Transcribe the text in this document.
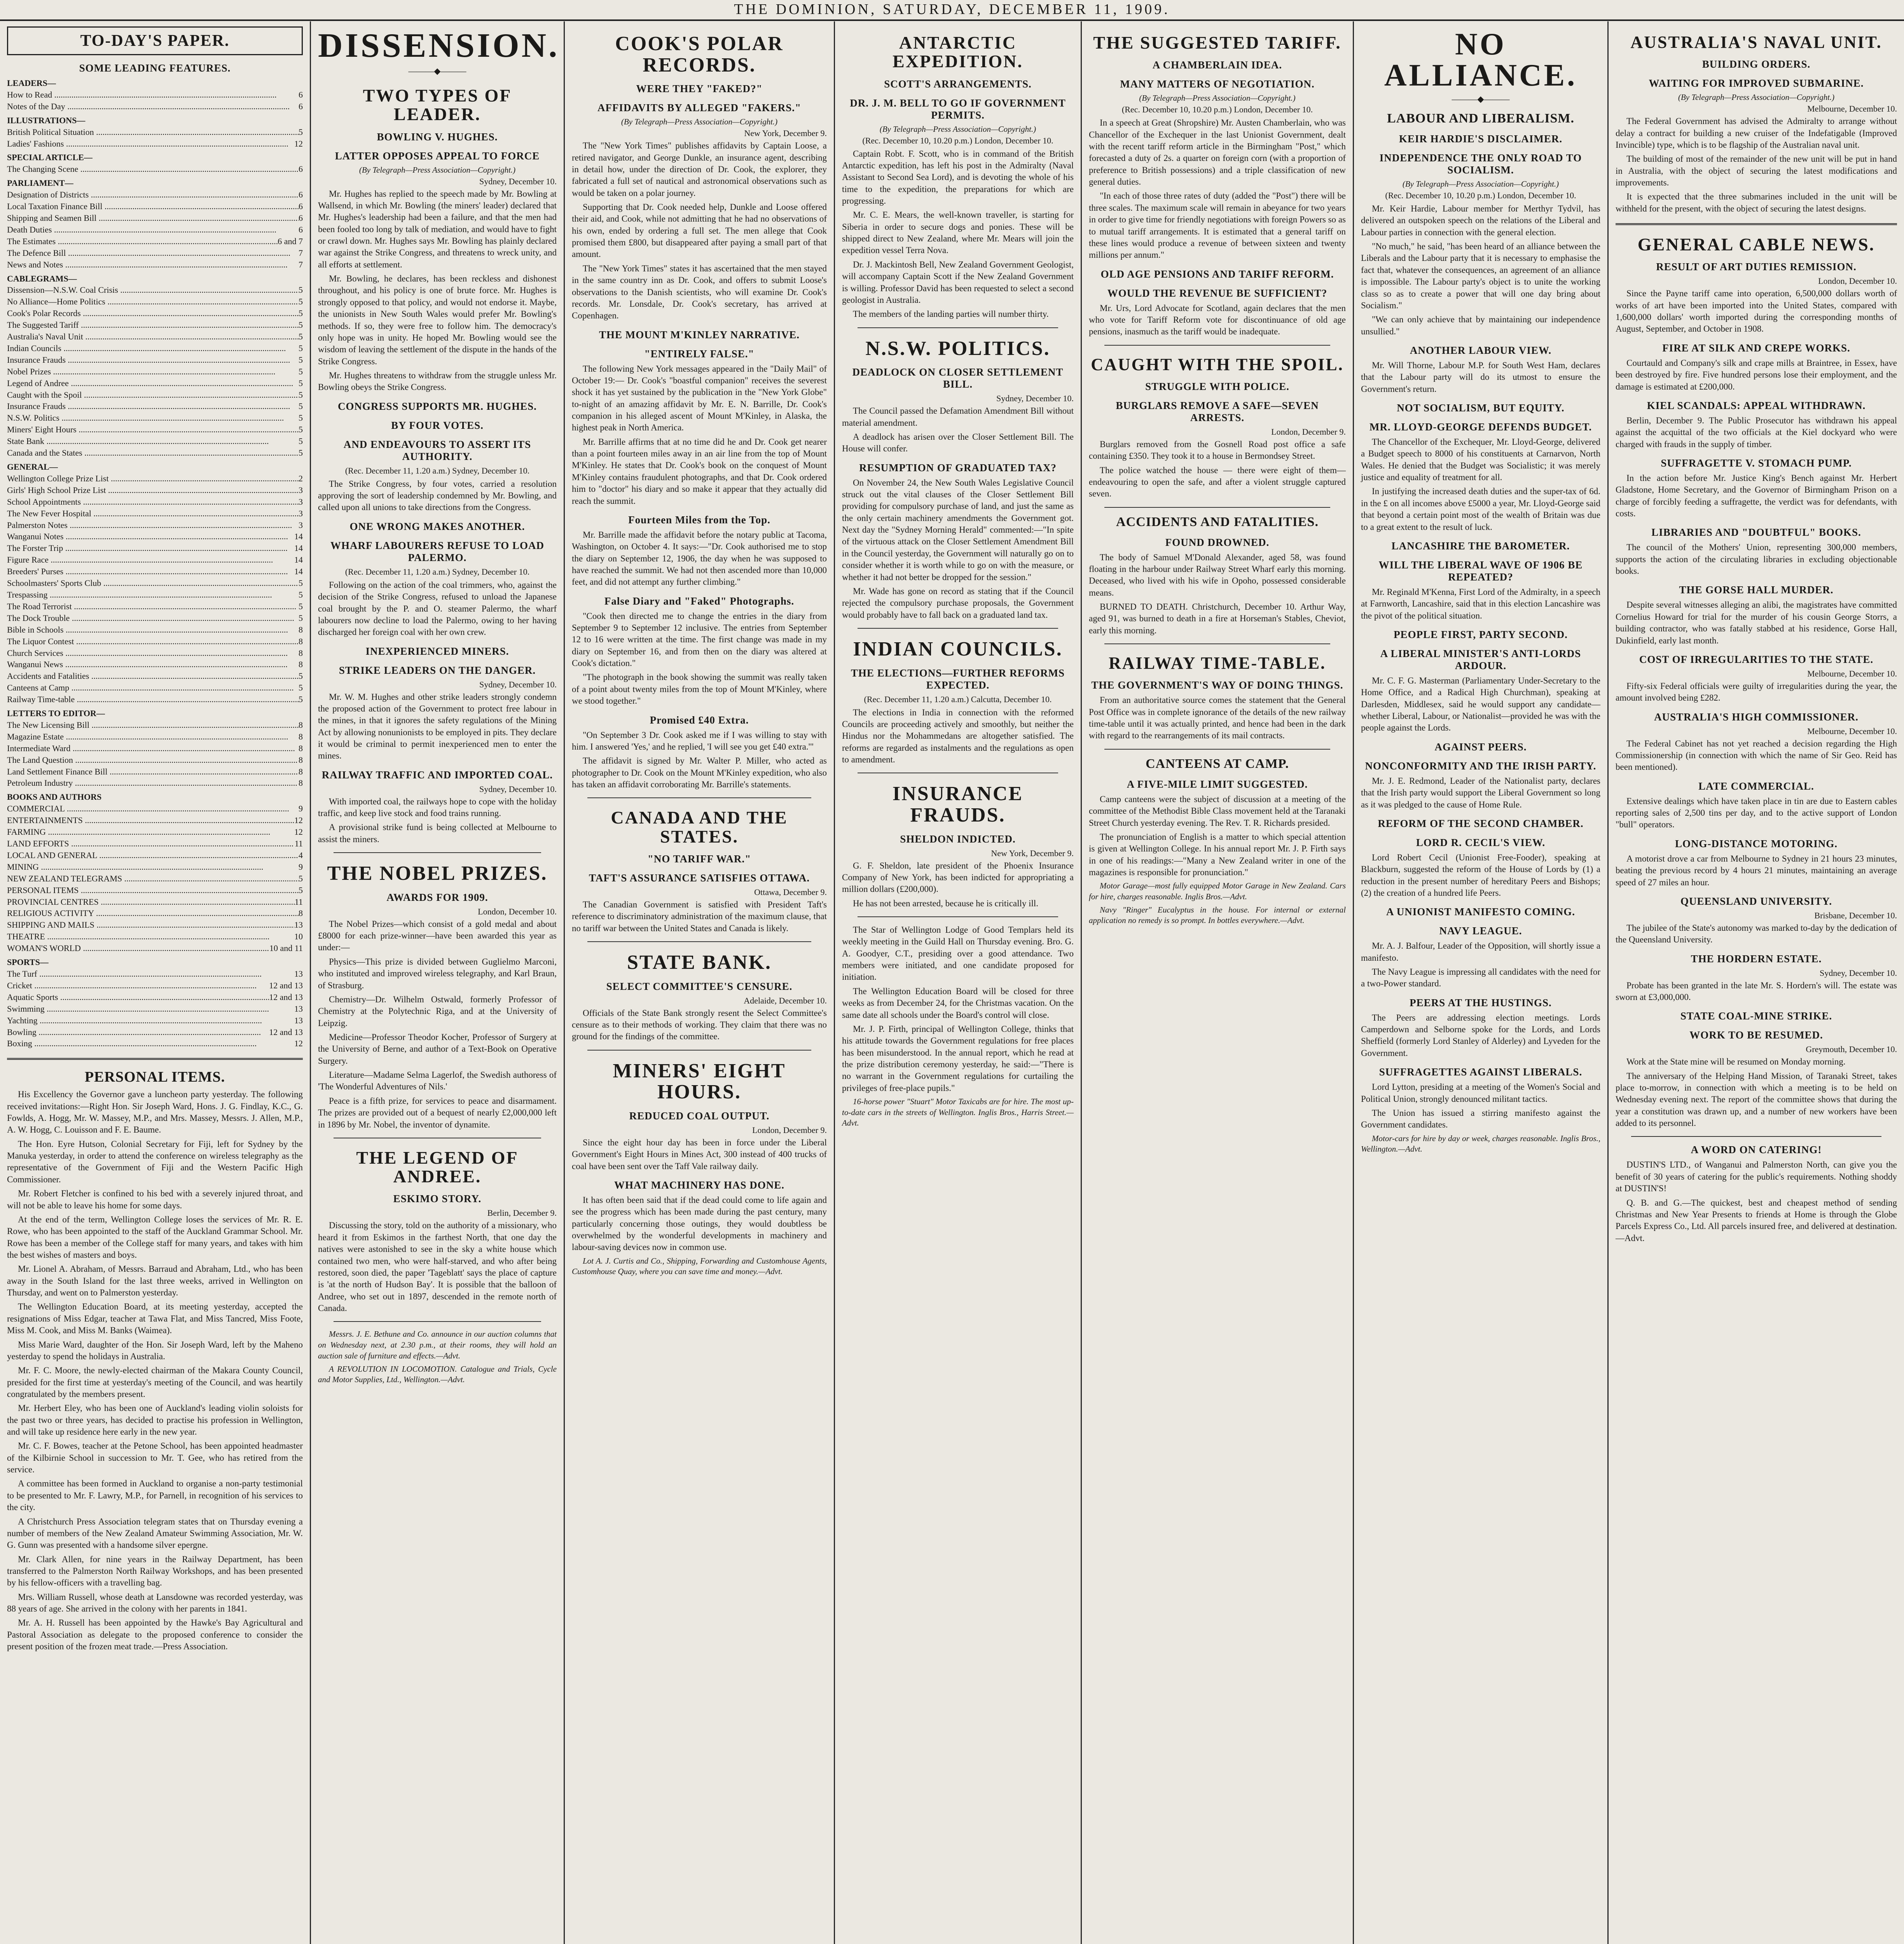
THE DOMINION, SATURDAY, DECEMBER 11, 1909.
TO-DAY'S PAPER.
SOME LEADING FEATURES.
LEADERS—
How to Read .....	6
Notes of the Day .....	6
ILLUSTRATIONS—
British Political Situation .....	5
Ladies' Fashions .....	12
SPECIAL ARTICLE—
The Changing Scene .....	6
PARLIAMENT—
Designation of Districts .....	6
Local Taxation Finance Bill .....	6
Shipping and Seamen Bill .....	6
Death Duties .....	6
The Estimates .....	6 and 7
The Defence Bill .....	7
News and Notes .....	7
CABLEGRAMS—
Dissension—N.S.W. Coal Crisis .....	5
No Alliance—Home Politics .....	5
Cook's Polar Records .....	5
The Suggested Tariff .....	5
Australia's Naval Unit .....	5
Indian Councils .....	5
Insurance Frauds .....	5
Nobel Prizes .....	5
Legend of Andree .....	5
Caught with the Spoil .....	5
Insurance Frauds .....	5
N.S.W. Politics .....	5
Miners' Eight Hours .....	5
State Bank .....	5
Canada and the States .....	5
GENERAL—
Wellington College Prize List .....	2
Girls' High School Prize List .....	3
School Appointments .....	3
The New Fever Hospital .....	3
Palmerston Notes .....	3
Wanganui Notes .....	14
The Forster Trip .....	14
Figure Race .....	14
Breeders' Purses .....	14
Schoolmasters' Sports Club .....	5
Trespassing .....	5
The Road Terrorist .....	5
The Dock Trouble .....	5
Bible in Schools .....	8
The Liquor Contest .....	8
Church Services .....	8
Wanganui News .....	8
Accidents and Fatalities .....	5
Canteens at Camp .....	5
Railway Time-table .....	5
LETTERS TO EDITOR—
The New Licensing Bill .....	8
Magazine Estate .....	8
Intermediate Ward .....	8
The Land Question .....	8
Land Settlement Finance Bill .....	8
Petroleum Industry .....	8
BOOKS AND AUTHORS
COMMERCIAL .....	9
ENTERTAINMENTS .....	12
FARMING .....	12
LAND EFFORTS .....	11
LOCAL AND GENERAL .....	4
MINING .....	9
NEW ZEALAND TELEGRAMS .....	5
PERSONAL ITEMS .....	5
PROVINCIAL CENTRES .....	11
RELIGIOUS ACTIVITY .....	8
SHIPPING AND MAILS .....	13
THEATRE .....	10
WOMAN'S WORLD .....	10 and 11
SPORTS—
The Turf .....	13
Cricket .....	12 and 13
Aquatic Sports .....	12 and 13
Swimming .....	13
Yachting .....	13
Bowling .....	12 and 13
Boxing .....	12
PERSONAL ITEMS.

His Excellency the Governor gave a luncheon party yesterday. The following received invitations:—Right Hon. Sir Joseph Ward, Hons. J. G. Findlay, K.C., G. Fowlds, A. Hogg, Mr. W. Massey, M.P., and Mrs. Massey, Messrs. J. Allen, M.P., A. W. Hogg, C. Louisson and F. E. Baume.

The Hon. Eyre Hutson, Colonial Secretary for Fiji, left for Sydney by the Manuka yesterday, in order to attend the conference on wireless telegraphy as the representative of the Government of Fiji and the Western Pacific High Commissioner.

Mr. Robert Fletcher is confined to his bed with a severely injured throat, and will not be able to leave his home for some days.

At the end of the term, Wellington College loses the services of Mr. R. E. Rowe, who has been appointed to the staff of the Auckland Grammar School. Mr. Rowe has been a member of the College staff for many years, and takes with him the best wishes of masters and boys.

Mr. Lionel A. Abraham, of Messrs. Barraud and Abraham, Ltd., who has been away in the South Island for the last three weeks, arrived in Wellington on Thursday, and went on to Palmerston yesterday.

The Wellington Education Board, at its meeting yesterday, accepted the resignations of Miss Edgar, teacher at Tawa Flat, and Miss Tancred, Miss Foote, Miss M. Cook, and Miss M. Banks (Waimea).

Miss Marie Ward, daughter of the Hon. Sir Joseph Ward, left by the Maheno yesterday to spend the holidays in Australia.

Mr. F. C. Moore, the newly-elected chairman of the Makara County Council, presided for the first time at yesterday's meeting of the Council, and was heartily congratulated by the members present.

Mr. Herbert Eley, who has been one of Auckland's leading violin soloists for the past two or three years, has decided to practise his profession in Wellington, and will take up residence here early in the new year.

Mr. C. F. Bowes, teacher at the Petone School, has been appointed headmaster of the Kilbirnie School in succession to Mr. T. Gee, who has retired from the service.

A committee has been formed in Auckland to organise a non-party testimonial to be presented to Mr. F. Lawry, M.P., for Parnell, in recognition of his services to the city.

A Christchurch Press Association telegram states that on Thursday evening a number of members of the New Zealand Amateur Swimming Association, Mr. W. G. Gunn was presented with a handsome silver epergne.

Mr. Clark Allen, for nine years in the Railway Department, has been transferred to the Palmerston North Railway Workshops, and has been presented by his fellow-officers with a travelling bag.

Mrs. William Russell, whose death at Lansdowne was recorded yesterday, was 88 years of age. She arrived in the colony with her parents in 1841.

Mr. A. H. Russell has been appointed by the Hawke's Bay Agricultural and Pastoral Association as delegate to the proposed conference to consider the present position of the frozen meat trade.—Press Association.

DISSENSION.
———◆———
TWO TYPES OF LEADER.
BOWLING V. HUGHES.
LATTER OPPOSES APPEAL TO FORCE
(By Telegraph—Press Association—Copyright.)
Sydney, December 10.

Mr. Hughes has replied to the speech made by Mr. Bowling at Wallsend, in which Mr. Bowling (the miners' leader) declared that Mr. Hughes's leadership had been a failure, and that the men had been fooled too long by talk of mediation, and would have to fight or crawl down. Mr. Hughes says Mr. Bowling has plainly declared war against the Strike Congress, and threatens to wreck unity, and all efforts at settlement.

Mr. Bowling, he declares, has been reckless and dishonest throughout, and his policy is one of brute force. Mr. Hughes is strongly opposed to that policy, and would not endorse it. Maybe, the unionists in New South Wales would prefer Mr. Bowling's methods. If so, they were free to follow him. The democracy's only hope was in unity. He hoped Mr. Bowling would see the wisdom of leaving the settlement of the dispute in the hands of the Strike Congress.

Mr. Hughes threatens to withdraw from the struggle unless Mr. Bowling obeys the Strike Congress.

CONGRESS SUPPORTS MR. HUGHES.
BY FOUR VOTES.
AND ENDEAVOURS TO ASSERT ITS AUTHORITY.
(Rec. December 11, 1.20 a.m.) Sydney, December 10.

The Strike Congress, by four votes, carried a resolution approving the sort of leadership condemned by Mr. Bowling, and called upon all unions to take directions from the Congress.

ONE WRONG MAKES ANOTHER.
WHARF LABOURERS REFUSE TO LOAD PALERMO.
(Rec. December 11, 1.20 a.m.) Sydney, December 10.

Following on the action of the coal trimmers, who, against the decision of the Strike Congress, refused to unload the Japanese coal brought by the P. and O. steamer Palermo, the wharf labourers now decline to load the Palermo, owing to her having discharged her foreign coal with her own crew.

INEXPERIENCED MINERS.
STRIKE LEADERS ON THE DANGER.
Sydney, December 10.

Mr. W. M. Hughes and other strike leaders strongly condemn the proposed action of the Government to protect free labour in the mines, in that it ignores the safety regulations of the Mining Act by allowing nonunionists to be employed in pits. They declare it would be criminal to permit inexperienced men to enter the mines.

RAILWAY TRAFFIC AND IMPORTED COAL.
Sydney, December 10.

With imported coal, the railways hope to cope with the holiday traffic, and keep live stock and food trains running.

A provisional strike fund is being collected at Melbourne to assist the miners.

THE NOBEL PRIZES.
AWARDS FOR 1909.
London, December 10.

The Nobel Prizes—which consist of a gold medal and about £8000 for each prize-winner—have been awarded this year as under:—

Physics—This prize is divided between Guglielmo Marconi, who instituted and improved wireless telegraphy, and Karl Braun, of Strasburg.

Chemistry—Dr. Wilhelm Ostwald, formerly Professor of Chemistry at the Polytechnic Riga, and at the University of Leipzig.

Medicine—Professor Theodor Kocher, Professor of Surgery at the University of Berne, and author of a Text-Book on Operative Surgery.

Literature—Madame Selma Lagerlof, the Swedish authoress of 'The Wonderful Adventures of Nils.'

Peace is a fifth prize, for services to peace and disarmament. The prizes are provided out of a bequest of nearly £2,000,000 left in 1896 by Mr. Nobel, the inventor of dynamite.

THE LEGEND OF ANDREE.
ESKIMO STORY.
Berlin, December 9.

Discussing the story, told on the authority of a missionary, who heard it from Eskimos in the farthest North, that one day the natives were astonished to see in the sky a white house which contained two men, who were half-starved, and who after being restored, soon died, the paper 'Tageblatt' says the place of capture is 'at the north of Hudson Bay'. It is possible that the balloon of Andree, who set out in 1897, descended in the remote north of Canada.

Messrs. J. E. Bethune and Co. announce in our auction columns that on Wednesday next, at 2.30 p.m., at their rooms, they will hold an auction sale of furniture and effects.—Advt.

A REVOLUTION IN LOCOMOTION. Catalogue and Trials, Cycle and Motor Supplies, Ltd., Wellington.—Advt.

COOK'S POLAR RECORDS.
WERE THEY "FAKED?"
AFFIDAVITS BY ALLEGED "FAKERS."
(By Telegraph—Press Association—Copyright.)
New York, December 9.

The "New York Times" publishes affidavits by Captain Loose, a retired navigator, and George Dunkle, an insurance agent, describing in detail how, under the direction of Dr. Cook, the explorer, they fabricated a full set of nautical and astronomical observations such as would be taken on a polar journey.

Supporting that Dr. Cook needed help, Dunkle and Loose offered their aid, and Cook, while not admitting that he had no observations of his own, ended by ordering a full set. The men allege that Cook promised them £800, but disappeared after paying a small part of that amount.

The "New York Times" states it has ascertained that the men stayed in the same country inn as Dr. Cook, and offers to submit Loose's observations to the Danish scientists, who will examine Dr. Cook's records. Mr. Lonsdale, Dr. Cook's secretary, has arrived at Copenhagen.

THE MOUNT M'KINLEY NARRATIVE.
"ENTIRELY FALSE."

The following New York messages appeared in the "Daily Mail" of October 19:— Dr. Cook's "boastful companion" receives the severest shock it has yet sustained by the publication in the "New York Globe" to-night of an amazing affidavit by Mr. E. N. Barrille, Dr. Cook's companion in his alleged ascent of Mount M'Kinley, in Alaska, the highest peak in North America.

Mr. Barrille affirms that at no time did he and Dr. Cook get nearer than a point fourteen miles away in an air line from the top of Mount M'Kinley. He states that Dr. Cook's book on the conquest of Mount M'Kinley contains fraudulent photographs, and that Dr. Cook ordered him to "doctor" his diary and so make it appear that they actually did reach the summit.

Fourteen Miles from the Top.

Mr. Barrille made the affidavit before the notary public at Tacoma, Washington, on October 4. It says:—"Dr. Cook authorised me to stop the diary on September 12, 1906, the day when he was supposed to have reached the summit. We had not then ascended more than 10,000 feet, and did not attempt any further climbing."

False Diary and "Faked" Photographs.

"Cook then directed me to change the entries in the diary from September 9 to September 12 inclusive. The entries from September 12 to 16 were written at the time. The first change was made in my diary on September 16, and from then on the diary was altered at Cook's dictation."

"The photograph in the book showing the summit was really taken of a point about twenty miles from the top of Mount M'Kinley, where we stood together."

Promised £40 Extra.

"On September 3 Dr. Cook asked me if I was willing to stay with him. I answered 'Yes,' and he replied, 'I will see you get £40 extra.'"

The affidavit is signed by Mr. Walter P. Miller, who acted as photographer to Dr. Cook on the Mount M'Kinley expedition, who also has taken an affidavit corroborating Mr. Barrille's statements.

CANADA AND THE STATES.
"NO TARIFF WAR."
TAFT'S ASSURANCE SATISFIES OTTAWA.
Ottawa, December 9.

The Canadian Government is satisfied with President Taft's reference to discriminatory administration of the maximum clause, that no tariff war between the United States and Canada is likely.

STATE BANK.
SELECT COMMITTEE'S CENSURE.
Adelaide, December 10.

Officials of the State Bank strongly resent the Select Committee's censure as to their methods of working. They claim that there was no ground for the findings of the committee.

MINERS' EIGHT HOURS.
REDUCED COAL OUTPUT.
London, December 9.

Since the eight hour day has been in force under the Liberal Government's Eight Hours in Mines Act, 300 instead of 400 trucks of coal have been sent over the Taff Vale railway daily.

WHAT MACHINERY HAS DONE.

It has often been said that if the dead could come to life again and see the progress which has been made during the past century, many particularly concerning those outings, they would doubtless be overwhelmed by the wonderful developments in machinery and labour-saving devices now in common use.

Lot A. J. Curtis and Co., Shipping, Forwarding and Customhouse Agents, Customhouse Quay, where you can save time and money.—Advt.

ANTARCTIC EXPEDITION.
SCOTT'S ARRANGEMENTS.
DR. J. M. BELL TO GO IF GOVERNMENT PERMITS.
(By Telegraph—Press Association—Copyright.)
(Rec. December 10, 10.20 p.m.) London, December 10.

Captain Robt. F. Scott, who is in command of the British Antarctic expedition, has left his post in the Admiralty (Naval Assistant to Second Sea Lord), and is devoting the whole of his time to the expedition, the preparations for which are progressing.

Mr. C. E. Mears, the well-known traveller, is starting for Siberia in order to secure dogs and ponies. These will be shipped direct to New Zealand, where Mr. Mears will join the expedition vessel Terra Nova.

Dr. J. Mackintosh Bell, New Zealand Government Geologist, will accompany Captain Scott if the New Zealand Government is willing. Professor David has been requested to select a second geologist in Australia.

The members of the landing parties will number thirty.

N.S.W. POLITICS.
DEADLOCK ON CLOSER SETTLEMENT BILL.
Sydney, December 10.

The Council passed the Defamation Amendment Bill without material amendment.

A deadlock has arisen over the Closer Settlement Bill. The House will confer.

RESUMPTION OF GRADUATED TAX?

On November 24, the New South Wales Legislative Council struck out the vital clauses of the Closer Settlement Bill providing for compulsory purchase of land, and just the same as the only certain machinery amendments the Government got. Next day the "Sydney Morning Herald" commented:—"In spite of the virtuous attack on the Closer Settlement Amendment Bill in the Council yesterday, the Government will naturally go on to consider whether it is worth while to go on with the measure, or whether it had not better be dropped for the session."

Mr. Wade has gone on record as stating that if the Council rejected the compulsory purchase proposals, the Government would probably have to fall back on a graduated land tax.

INDIAN COUNCILS.
THE ELECTIONS—FURTHER REFORMS EXPECTED.
(Rec. December 11, 1.20 a.m.) Calcutta, December 10.

The elections in India in connection with the reformed Councils are proceeding actively and smoothly, but neither the Hindus nor the Mohammedans are altogether satisfied. The reforms are regarded as instalments and the regulations as open to amendment.

INSURANCE FRAUDS.
SHELDON INDICTED.
New York, December 9.

G. F. Sheldon, late president of the Phoenix Insurance Company of New York, has been indicted for appropriating a million dollars (£200,000).

He has not been arrested, because he is critically ill.

The Star of Wellington Lodge of Good Templars held its weekly meeting in the Guild Hall on Thursday evening. Bro. G. A. Goodyer, C.T., presiding over a good attendance. Two members were initiated, and one candidate proposed for initiation.

The Wellington Education Board will be closed for three weeks as from December 24, for the Christmas vacation. On the same date all schools under the Board's control will close.

Mr. J. P. Firth, principal of Wellington College, thinks that his attitude towards the Government regulations for free places has been misunderstood. In the annual report, which he read at the prize distribution ceremony yesterday, he said:—"There is no warrant in the Government regulations for curtailing the privileges of free-place pupils."

16-horse power "Stuart" Motor Taxicabs are for hire. The most up-to-date cars in the streets of Wellington. Inglis Bros., Harris Street.—Advt.

THE SUGGESTED TARIFF.
A CHAMBERLAIN IDEA.
MANY MATTERS OF NEGOTIATION.
(By Telegraph—Press Association—Copyright.)
(Rec. December 10, 10.20 p.m.) London, December 10.

In a speech at Great (Shropshire) Mr. Austen Chamberlain, who was Chancellor of the Exchequer in the last Unionist Government, dealt with the recent tariff reform article in the Birmingham "Post," which forecasted a duty of 2s. a quarter on foreign corn (with a proportion of preference to British possessions) and a triple classification of new general duties.

"In each of those three rates of duty (added the "Post") there will be three scales. The maximum scale will remain in abeyance for two years in order to give time for friendly negotiations with foreign Powers so as to mutual tariff arrangements. It is estimated that a general tariff on these lines would produce a revenue of between sixteen and twenty millions per annum."

OLD AGE PENSIONS AND TARIFF REFORM.
WOULD THE REVENUE BE SUFFICIENT?

Mr. Urs, Lord Advocate for Scotland, again declares that the men who vote for Tariff Reform vote for discontinuance of old age pensions, inasmuch as the tariff would be inadequate.

CAUGHT WITH THE SPOIL.
STRUGGLE WITH POLICE.
BURGLARS REMOVE A SAFE—SEVEN ARRESTS.
London, December 9.

Burglars removed from the Gosnell Road post office a safe containing £350. They took it to a house in Bermondsey Street.

The police watched the house — there were eight of them—endeavouring to open the safe, and after a violent struggle captured seven.

ACCIDENTS AND FATALITIES.
FOUND DROWNED.

The body of Samuel M'Donald Alexander, aged 58, was found floating in the harbour under Railway Street Wharf early this morning. Deceased, who lived with his wife in Opoho, possessed considerable means.

BURNED TO DEATH. Christchurch, December 10. Arthur Way, aged 91, was burned to death in a fire at Horseman's Stables, Cheviot, early this morning.

RAILWAY TIME-TABLE.
THE GOVERNMENT'S WAY OF DOING THINGS.

From an authoritative source comes the statement that the General Post Office was in complete ignorance of the details of the new railway time-table until it was actually printed, and hence had been in the dark with regard to the rearrangements of its mail contracts.

CANTEENS AT CAMP.
A FIVE-MILE LIMIT SUGGESTED.

Camp canteens were the subject of discussion at a meeting of the committee of the Methodist Bible Class movement held at the Taranaki Street Church yesterday evening. The Rev. T. R. Richards presided.

The pronunciation of English is a matter to which special attention is given at Wellington College. In his annual report Mr. J. P. Firth says in one of his readings:—"Many a New Zealand writer in one of the magazines is responsible for pronunciation."

Motor Garage—most fully equipped Motor Garage in New Zealand. Cars for hire, charges reasonable. Inglis Bros.—Advt.

Navy "Ringer" Eucalyptus in the house. For internal or external application no remedy is so prompt. In bottles everywhere.—Advt.

NO ALLIANCE.
———◆———
LABOUR AND LIBERALISM.
KEIR HARDIE'S DISCLAIMER.
INDEPENDENCE THE ONLY ROAD TO SOCIALISM.
(By Telegraph—Press Association—Copyright.)
(Rec. December 10, 10.20 p.m.) London, December 10.

Mr. Keir Hardie, Labour member for Merthyr Tydvil, has delivered an outspoken speech on the relations of the Liberal and Labour parties in connection with the general election.

"No much," he said, "has been heard of an alliance between the Liberals and the Labour party that it is necessary to emphasise the fact that, whatever the consequences, an agreement of an alliance is impossible. The Labour party's object is to unite the working class so as to create a power that will one day bring about Socialism."

"We can only achieve that by maintaining our independence unsullied."

ANOTHER LABOUR VIEW.

Mr. Will Thorne, Labour M.P. for South West Ham, declares that the Labour party will do its utmost to ensure the Government's return.

NOT SOCIALISM, BUT EQUITY.
MR. LLOYD-GEORGE DEFENDS BUDGET.

The Chancellor of the Exchequer, Mr. Lloyd-George, delivered a Budget speech to 8000 of his constituents at Carnarvon, North Wales. He denied that the Budget was Socialistic; it was merely justice and equality of treatment for all.

In justifying the increased death duties and the super-tax of 6d. in the £ on all incomes above £5000 a year, Mr. Lloyd-George said that beyond a certain point most of the wealth of Britain was due to a great extent to the result of luck.

LANCASHIRE THE BAROMETER.
WILL THE LIBERAL WAVE OF 1906 BE REPEATED?

Mr. Reginald M'Kenna, First Lord of the Admiralty, in a speech at Farnworth, Lancashire, said that in this election Lancashire was the pivot of the political situation.

PEOPLE FIRST, PARTY SECOND.
A LIBERAL MINISTER'S ANTI-LORDS ARDOUR.

Mr. C. F. G. Masterman (Parliamentary Under-Secretary to the Home Office, and a Radical High Churchman), speaking at Darlesden, Middlesex, said he would support any candidate—whether Liberal, Labour, or Nationalist—provided he was with the people against the Lords.

AGAINST PEERS.
NONCONFORMITY AND THE IRISH PARTY.

Mr. J. E. Redmond, Leader of the Nationalist party, declares that the Irish party would support the Liberal Government so long as it was pledged to the cause of Home Rule.

REFORM OF THE SECOND CHAMBER.
LORD R. CECIL'S VIEW.

Lord Robert Cecil (Unionist Free-Fooder), speaking at Blackburn, suggested the reform of the House of Lords by (1) a reduction in the present number of hereditary Peers and Bishops; (2) the creation of a hundred life Peers.

A UNIONIST MANIFESTO COMING.
NAVY LEAGUE.

Mr. A. J. Balfour, Leader of the Opposition, will shortly issue a manifesto.

The Navy League is impressing all candidates with the need for a two-Power standard.

PEERS AT THE HUSTINGS.

The Peers are addressing election meetings. Lords Camperdown and Selborne spoke for the Lords, and Lords Sheffield (formerly Lord Stanley of Alderley) and Lyveden for the Government.

SUFFRAGETTES AGAINST LIBERALS.

Lord Lytton, presiding at a meeting of the Women's Social and Political Union, strongly denounced militant tactics.

The Union has issued a stirring manifesto against the Government candidates.

Motor-cars for hire by day or week, charges reasonable. Inglis Bros., Wellington.—Advt.

AUSTRALIA'S NAVAL UNIT.
BUILDING ORDERS.
WAITING FOR IMPROVED SUBMARINE.
(By Telegraph—Press Association—Copyright.)
Melbourne, December 10.

The Federal Government has advised the Admiralty to arrange without delay a contract for building a new cruiser of the Indefatigable (Improved Invincible) type, which is to be flagship of the Australian naval unit.

The building of most of the remainder of the new unit will be put in hand in Australia, with the object of securing the latest modifications and improvements.

It is expected that the three submarines included in the unit will be withheld for the present, with the object of securing the latest designs.

GENERAL CABLE NEWS.
RESULT OF ART DUTIES REMISSION.
London, December 10.

Since the Payne tariff came into operation, 6,500,000 dollars worth of works of art have been imported into the United States, compared with 1,600,000 dollars' worth imported during the corresponding months of August, September, and October in 1908.

FIRE AT SILK AND CREPE WORKS.

Courtauld and Company's silk and crape mills at Braintree, in Essex, have been destroyed by fire. Five hundred persons lose their employment, and the damage is estimated at £200,000.

KIEL SCANDALS: APPEAL WITHDRAWN.

Berlin, December 9. The Public Prosecutor has withdrawn his appeal against the acquittal of the two officials at the Kiel dockyard who were charged with frauds in the supply of timber.

SUFFRAGETTE V. STOMACH PUMP.

In the action before Mr. Justice King's Bench against Mr. Herbert Gladstone, Home Secretary, and the Governor of Birmingham Prison on a charge of forcibly feeding a suffragette, the verdict was for defendants, with costs.

LIBRARIES AND "DOUBTFUL" BOOKS.

The council of the Mothers' Union, representing 300,000 members, supports the action of the circulating libraries in excluding objectionable books.

THE GORSE HALL MURDER.

Despite several witnesses alleging an alibi, the magistrates have committed Cornelius Howard for trial for the murder of his cousin George Storrs, a building contractor, who was fatally stabbed at his residence, Gorse Hall, Dukinfield, early last month.

COST OF IRREGULARITIES TO THE STATE.
Melbourne, December 10.

Fifty-six Federal officials were guilty of irregularities during the year, the amount involved being £282.

AUSTRALIA'S HIGH COMMISSIONER.
Melbourne, December 10.

The Federal Cabinet has not yet reached a decision regarding the High Commissionership (in connection with which the name of Sir Geo. Reid has been mentioned).

LATE COMMERCIAL.

Extensive dealings which have taken place in tin are due to Eastern cables reporting sales of 2,500 tins per day, and to the active support of London "bull" operators.

LONG-DISTANCE MOTORING.

A motorist drove a car from Melbourne to Sydney in 21 hours 23 minutes, beating the previous record by 4 hours 21 minutes, maintaining an average speed of 27 miles an hour.

QUEENSLAND UNIVERSITY.
Brisbane, December 10.

The jubilee of the State's autonomy was marked to-day by the dedication of the Queensland University.

THE HORDERN ESTATE.
Sydney, December 10.

Probate has been granted in the late Mr. S. Hordern's will. The estate was sworn at £3,000,000.

STATE COAL-MINE STRIKE.
WORK TO BE RESUMED.
Greymouth, December 10.

Work at the State mine will be resumed on Monday morning.

The anniversary of the Helping Hand Mission, of Taranaki Street, takes place to-morrow, in connection with which a meeting is to be held on Wednesday evening next. The report of the committee shows that during the year a constitution was drawn up, and a number of new workers have been added to its personnel.

A WORD ON CATERING!

DUSTIN'S LTD., of Wanganui and Palmerston North, can give you the benefit of 30 years of catering for the public's requirements. Nothing shoddy at DUSTIN'S!

Q. B. and G.—The quickest, best and cheapest method of sending Christmas and New Year Presents to friends at Home is through the Globe Parcels Express Co., Ltd. All parcels insured free, and delivered at destination.—Advt.
